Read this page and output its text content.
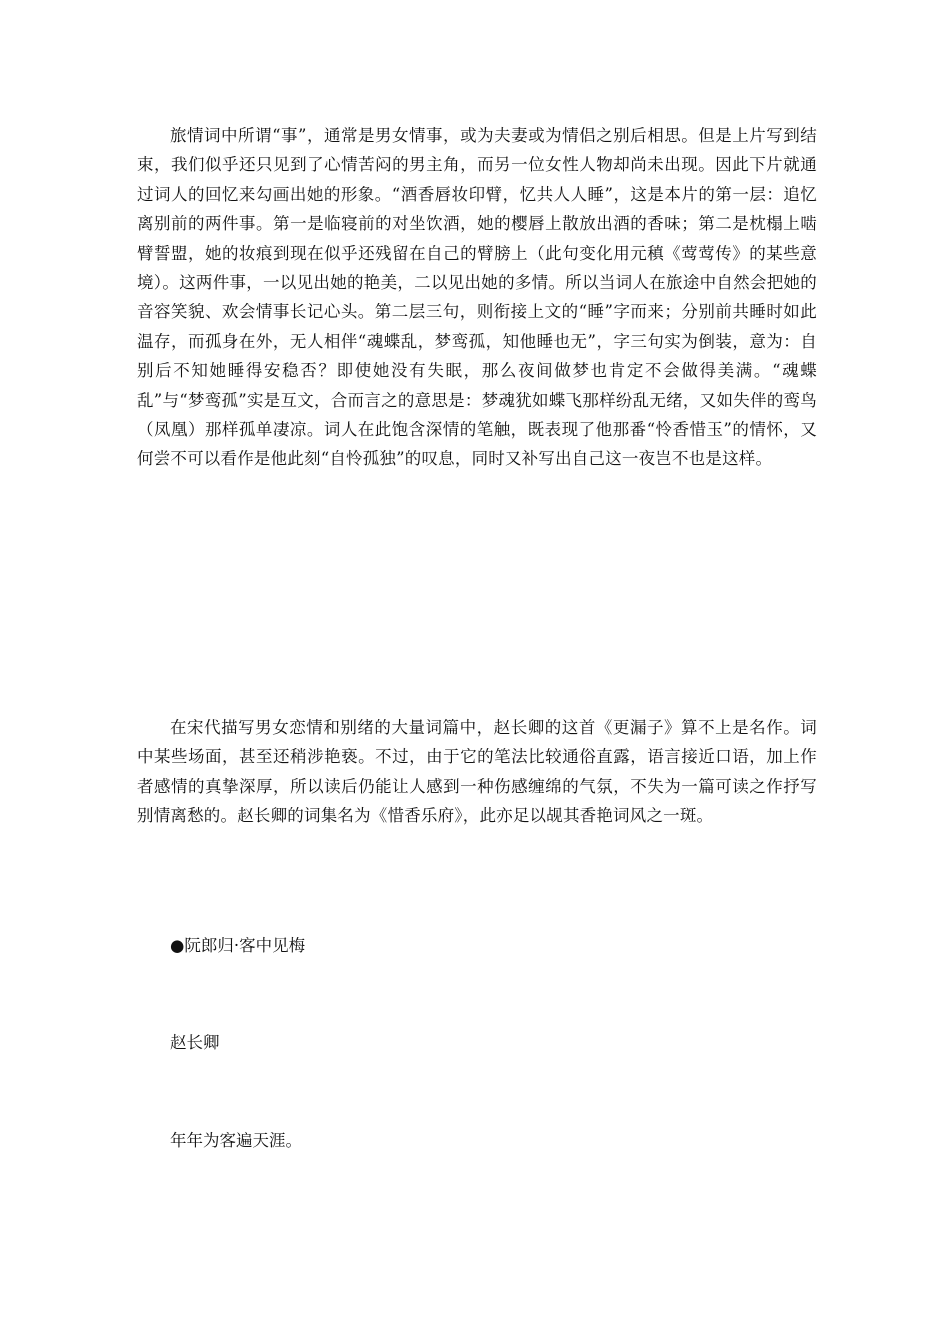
旅情词中所谓“事”，通常是男女情事，或为夫妻或为情侣之别后相思。但是上片写到结束，我们似乎还只见到了心情苦闷的男主角，而另一位女性人物却尚未出现。因此下片就通过词人的回忆来勾画出她的形象。“酒香唇妆印臂，忆共人人睡”，这是本片的第一层：追忆离别前的两件事。第一是临寝前的对坐饮酒，她的樱唇上散放出酒的香味；第二是枕榻上啮臂誓盟，她的妆痕到现在似乎还残留在自己的臂膀上（此句变化用元稹《莺莺传》的某些意境）。这两件事，一以见出她的艳美，二以见出她的多情。所以当词人在旅途中自然会把她的音容笑貌、欢会情事长记心头。第二层三句，则衔接上文的“睡”字而来；分别前共睡时如此温存，而孤身在外，无人相伴“魂蝶乱，梦鸾孤，知他睡也无”，字三句实为倒装，意为：自别后不知她睡得安稳否？即使她没有失眠，那么夜间做梦也肯定不会做得美满。“魂蝶乱”与“梦鸾孤”实是互文，合而言之的意思是：梦魂犹如蝶飞那样纷乱无绪，又如失伴的鸾鸟（凤凰）那样孤单凄凉。词人在此饱含深情的笔触，既表现了他那番“怜香惜玉”的情怀，又何尝不可以看作是他此刻“自怜孤独”的叹息，同时又补写出自己这一夜岂不也是这样。

在宋代描写男女恋情和别绪的大量词篇中，赵长卿的这首《更漏子》算不上是名作。词中某些场面，甚至还稍涉艳亵。不过，由于它的笔法比较通俗直露，语言接近口语，加上作者感情的真挚深厚，所以读后仍能让人感到一种伤感缠绵的气氛，不失为一篇可读之作抒写别情离愁的。赵长卿的词集名为《惜香乐府》，此亦足以觇其香艳词风之一斑。

●阮郎归·客中见梅

赵长卿

年年为客遍天涯。
